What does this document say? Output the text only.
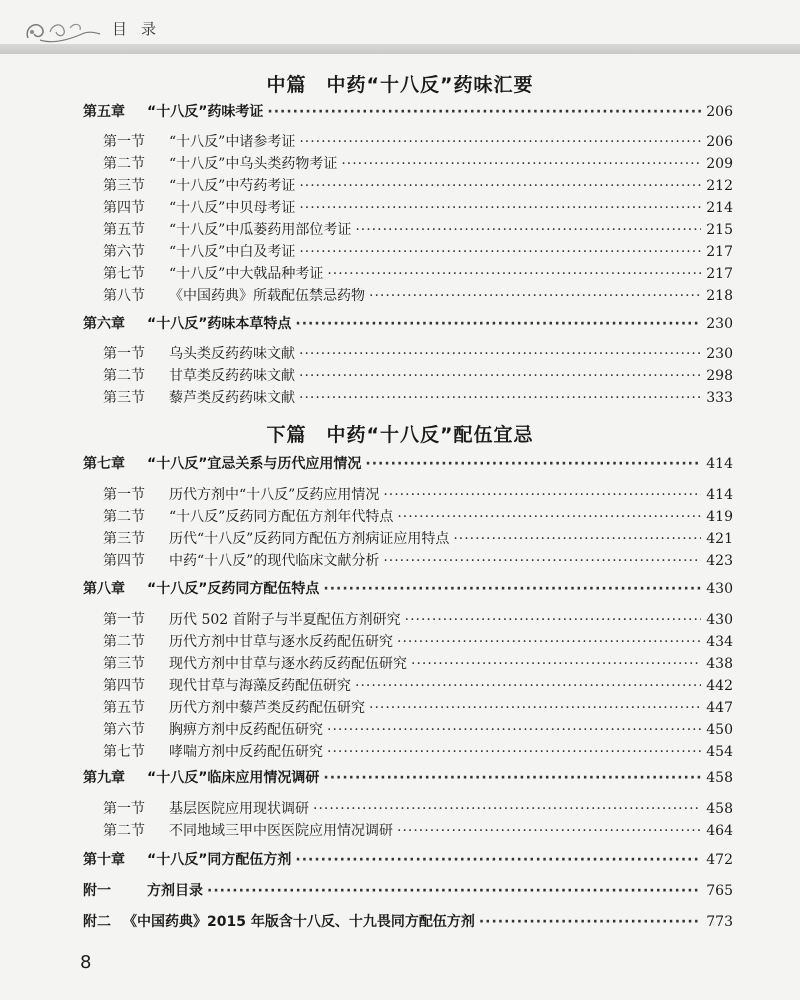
目录
中篇　中药“十八反”药味汇要
第五章	“十八反”药味考证 ·····	206
第一节	“十八反”中诸参考证 ·····	206
第二节	“十八反”中乌头类药物考证 ·····	209
第三节	“十八反”中芍药考证 ·····	212
第四节	“十八反”中贝母考证 ·····	214
第五节	“十八反”中瓜蒌药用部位考证 ·····	215
第六节	“十八反”中白及考证 ·····	217
第七节	“十八反”中大戟品种考证 ·····	217
第八节	《中国药典》所载配伍禁忌药物 ·····	218
第六章	“十八反”药味本草特点 ·····	230
第一节	乌头类反药药味文献 ·····	230
第二节	甘草类反药药味文献 ·····	298
第三节	藜芦类反药药味文献 ·····	333
下篇　中药“十八反”配伍宜忌
第七章	“十八反”宜忌关系与历代应用情况 ·····	414
第一节	历代方剂中“十八反”反药应用情况 ·····	414
第二节	“十八反”反药同方配伍方剂年代特点 ·····	419
第三节	历代“十八反”反药同方配伍方剂病证应用特点 ·····	421
第四节	中药“十八反”的现代临床文献分析 ·····	423
第八章	“十八反”反药同方配伍特点 ·····	430
第一节	历代 502 首附子与半夏配伍方剂研究 ·····	430
第二节	历代方剂中甘草与逐水反药配伍研究 ·····	434
第三节	现代方剂中甘草与逐水药反药配伍研究 ·····	438
第四节	现代甘草与海藻反药配伍研究 ·····	442
第五节	历代方剂中藜芦类反药配伍研究 ·····	447
第六节	胸痹方剂中反药配伍研究 ·····	450
第七节	哮喘方剂中反药配伍研究 ·····	454
第九章	“十八反”临床应用情况调研 ·····	458
第一节	基层医院应用现状调研 ·····	458
第二节	不同地域三甲中医医院应用情况调研 ·····	464
第十章	“十八反”同方配伍方剂 ·····	472
附一	方剂目录 ·····	765
附二 《中国药典》2015 年版含十八反、十九畏同方配伍方剂 ·····	773
8
